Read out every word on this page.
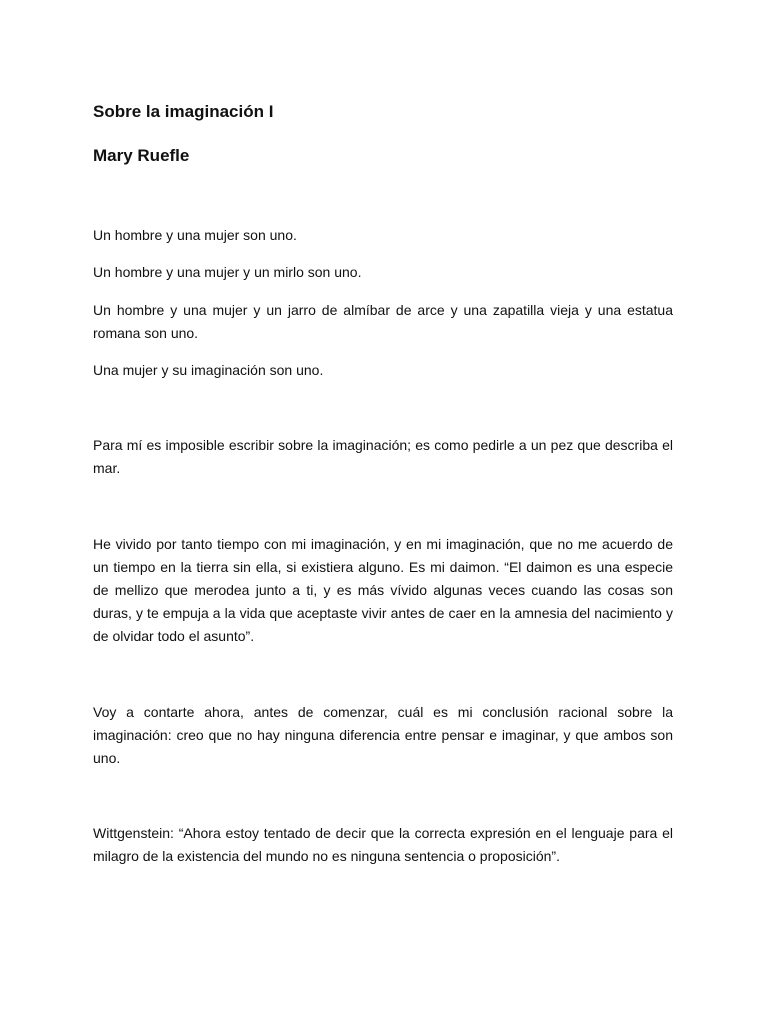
Sobre la imaginación I
Mary Ruefle

Un hombre y una mujer son uno.

Un hombre y una mujer y un mirlo son uno.

Un hombre y una mujer y un jarro de almíbar de arce y una zapatilla vieja y una estatua romana son uno.

Una mujer y su imaginación son uno.

Para mí es imposible escribir sobre la imaginación; es como pedirle a un pez que describa el mar.

He vivido por tanto tiempo con mi imaginación, y en mi imaginación, que no me acuerdo de un tiempo en la tierra sin ella, si existiera alguno. Es mi daimon. “El daimon es una especie de mellizo que merodea junto a ti, y es más vívido algunas veces cuando las cosas son duras, y te empuja a la vida que aceptaste vivir antes de caer en la amnesia del nacimiento y de olvidar todo el asunto”.

Voy a contarte ahora, antes de comenzar, cuál es mi conclusión racional sobre la imaginación: creo que no hay ninguna diferencia entre pensar e imaginar, y que ambos son uno.

Wittgenstein: “Ahora estoy tentado de decir que la correcta expresión en el lenguaje para el milagro de la existencia del mundo no es ninguna sentencia o proposición”.
